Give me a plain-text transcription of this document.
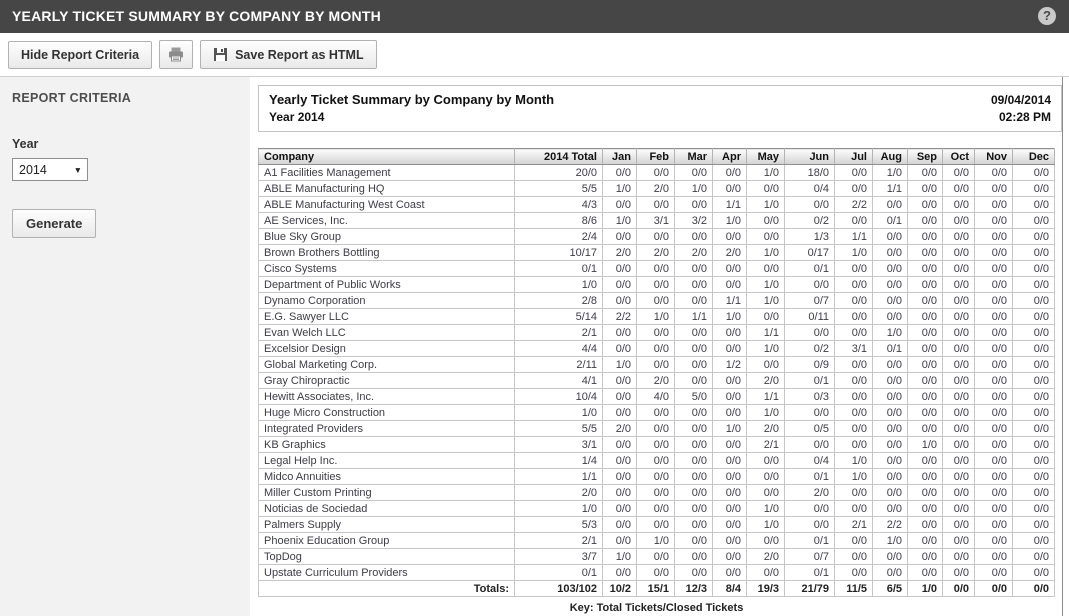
YEARLY TICKET SUMMARY BY COMPANY BY MONTH	?
Hide Report Criteria	Save Report as HTML
REPORT CRITERIA
Year
2014
▼
Generate
Yearly Ticket Summary by Company by Month	09/04/2014
Year 2014	02:28 PM
Company	2014 Total	Jan	Feb	Mar	Apr	May	Jun	Jul	Aug	Sep	Oct	Nov	Dec
A1 Facilities Management	20/0	0/0	0/0	0/0	0/0	1/0	18/0	0/0	1/0	0/0	0/0	0/0	0/0
ABLE Manufacturing HQ	5/5	1/0	2/0	1/0	0/0	0/0	0/4	0/0	1/1	0/0	0/0	0/0	0/0
ABLE Manufacturing West Coast	4/3	0/0	0/0	0/0	1/1	1/0	0/0	2/2	0/0	0/0	0/0	0/0	0/0
AE Services, Inc.	8/6	1/0	3/1	3/2	1/0	0/0	0/2	0/0	0/1	0/0	0/0	0/0	0/0
Blue Sky Group	2/4	0/0	0/0	0/0	0/0	0/0	1/3	1/1	0/0	0/0	0/0	0/0	0/0
Brown Brothers Bottling	10/17	2/0	2/0	2/0	2/0	1/0	0/17	1/0	0/0	0/0	0/0	0/0	0/0
Cisco Systems	0/1	0/0	0/0	0/0	0/0	0/0	0/1	0/0	0/0	0/0	0/0	0/0	0/0
Department of Public Works	1/0	0/0	0/0	0/0	0/0	1/0	0/0	0/0	0/0	0/0	0/0	0/0	0/0
Dynamo Corporation	2/8	0/0	0/0	0/0	1/1	1/0	0/7	0/0	0/0	0/0	0/0	0/0	0/0
E.G. Sawyer LLC	5/14	2/2	1/0	1/1	1/0	0/0	0/11	0/0	0/0	0/0	0/0	0/0	0/0
Evan Welch LLC	2/1	0/0	0/0	0/0	0/0	1/1	0/0	0/0	1/0	0/0	0/0	0/0	0/0
Excelsior Design	4/4	0/0	0/0	0/0	0/0	1/0	0/2	3/1	0/1	0/0	0/0	0/0	0/0
Global Marketing Corp.	2/11	1/0	0/0	0/0	1/2	0/0	0/9	0/0	0/0	0/0	0/0	0/0	0/0
Gray Chiropractic	4/1	0/0	2/0	0/0	0/0	2/0	0/1	0/0	0/0	0/0	0/0	0/0	0/0
Hewitt Associates, Inc.	10/4	0/0	4/0	5/0	0/0	1/1	0/3	0/0	0/0	0/0	0/0	0/0	0/0
Huge Micro Construction	1/0	0/0	0/0	0/0	0/0	1/0	0/0	0/0	0/0	0/0	0/0	0/0	0/0
Integrated Providers	5/5	2/0	0/0	0/0	1/0	2/0	0/5	0/0	0/0	0/0	0/0	0/0	0/0
KB Graphics	3/1	0/0	0/0	0/0	0/0	2/1	0/0	0/0	0/0	1/0	0/0	0/0	0/0
Legal Help Inc.	1/4	0/0	0/0	0/0	0/0	0/0	0/4	1/0	0/0	0/0	0/0	0/0	0/0
Midco Annuities	1/1	0/0	0/0	0/0	0/0	0/0	0/1	1/0	0/0	0/0	0/0	0/0	0/0
Miller Custom Printing	2/0	0/0	0/0	0/0	0/0	0/0	2/0	0/0	0/0	0/0	0/0	0/0	0/0
Noticias de Sociedad	1/0	0/0	0/0	0/0	0/0	1/0	0/0	0/0	0/0	0/0	0/0	0/0	0/0
Palmers Supply	5/3	0/0	0/0	0/0	0/0	1/0	0/0	2/1	2/2	0/0	0/0	0/0	0/0
Phoenix Education Group	2/1	0/0	1/0	0/0	0/0	0/0	0/1	0/0	1/0	0/0	0/0	0/0	0/0
TopDog	3/7	1/0	0/0	0/0	0/0	2/0	0/7	0/0	0/0	0/0	0/0	0/0	0/0
Upstate Curriculum Providers	0/1	0/0	0/0	0/0	0/0	0/0	0/1	0/0	0/0	0/0	0/0	0/0	0/0
Totals:	103/102	10/2	15/1	12/3	8/4	19/3	21/79	11/5	6/5	1/0	0/0	0/0	0/0
Key: Total Tickets/Closed Tickets
